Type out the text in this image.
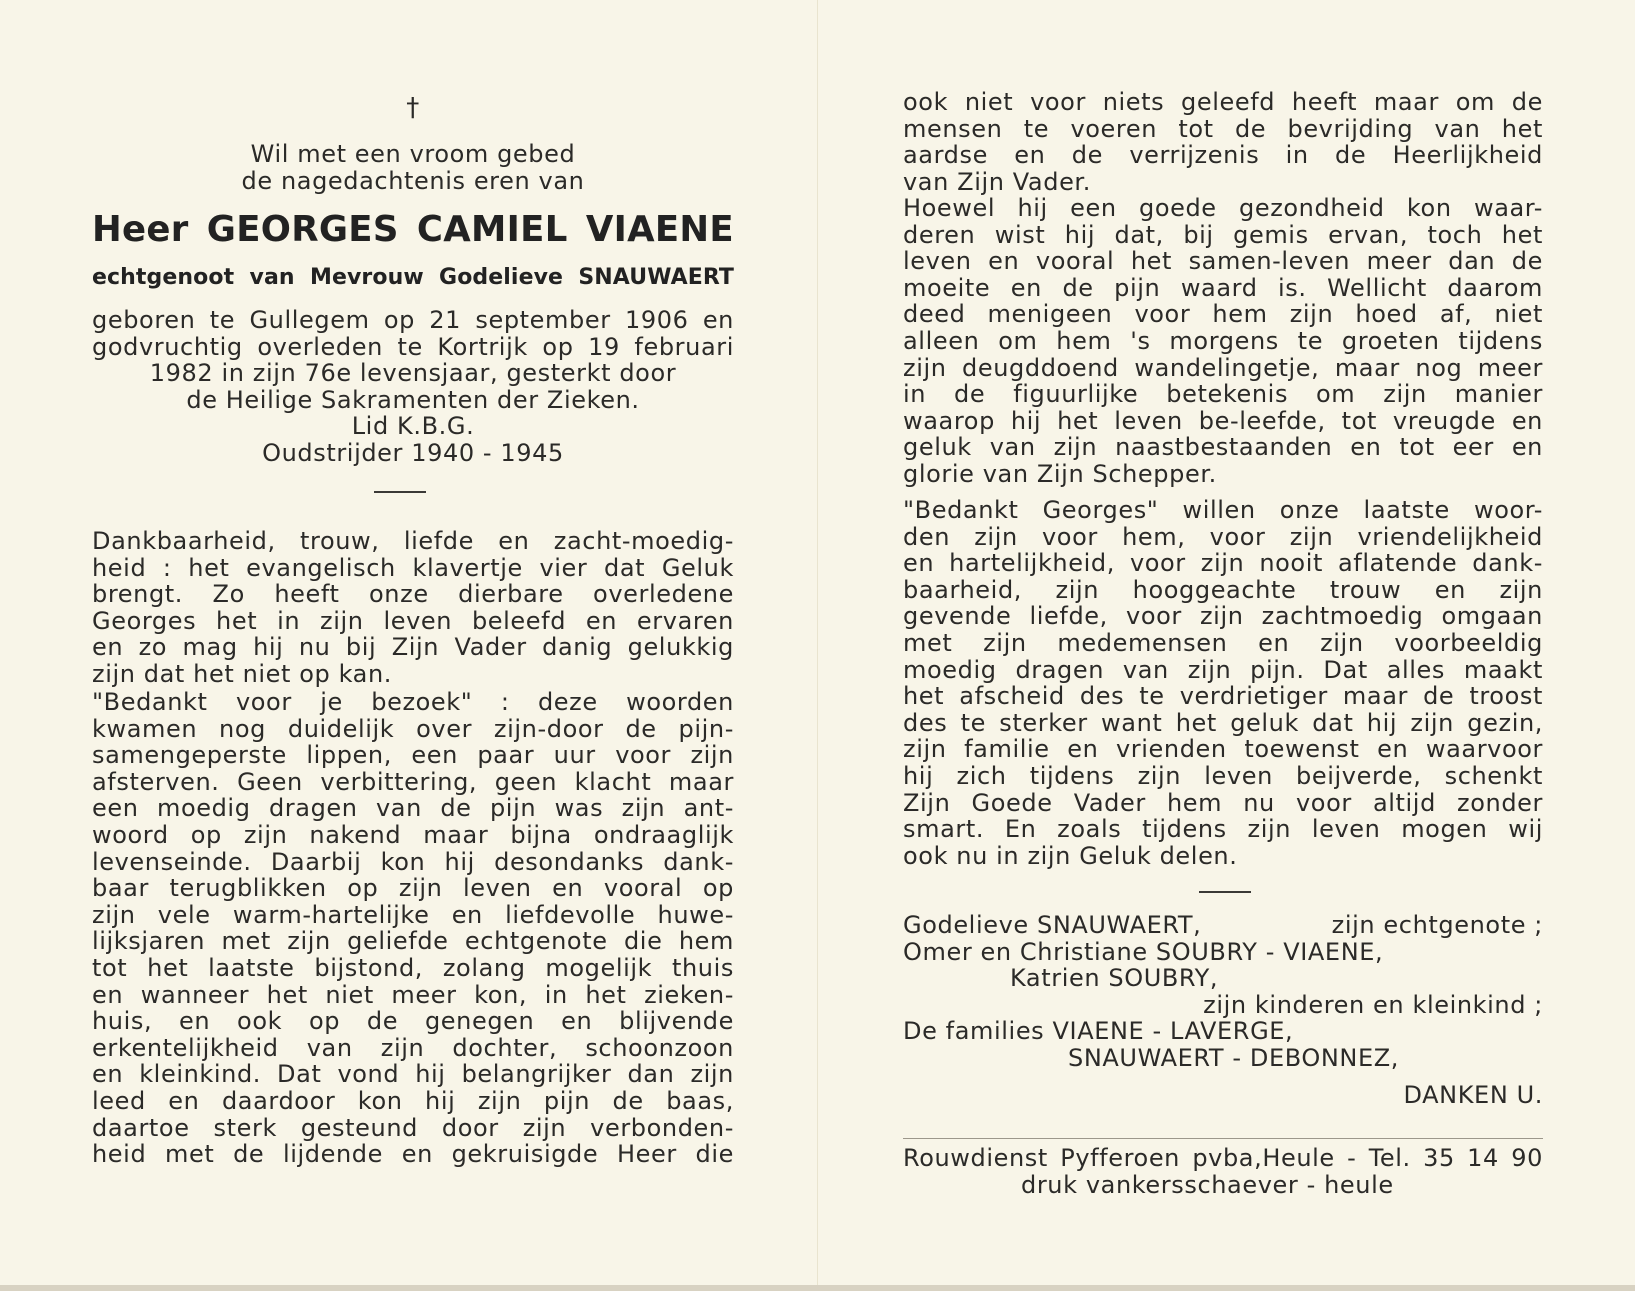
†
Wil met een vroom gebed
de nagedachtenis eren van
Heer GEORGES CAMIEL VIAENE
echtgenoot van Mevrouw Godelieve SNAUWAERT
geboren te Gullegem op 21 september 1906 en
godvruchtig overleden te Kortrijk op 19 februari
1982 in zijn 76e levensjaar, gesterkt door
de Heilige Sakramenten der Zieken.
Lid K.B.G.
Oudstrijder 1940 - 1945
Dankbaarheid, trouw, liefde en zacht-moedig-
heid : het evangelisch klavertje vier dat Geluk
brengt. Zo heeft onze dierbare overledene
Georges het in zijn leven beleefd en ervaren
en zo mag hij nu bij Zijn Vader danig gelukkig
zijn dat het niet op kan.
"Bedankt voor je bezoek" : deze woorden
kwamen nog duidelijk over zijn-door de pijn-
samengeperste lippen, een paar uur voor zijn
afsterven. Geen verbittering, geen klacht maar
een moedig dragen van de pijn was zijn ant-
woord op zijn nakend maar bijna ondraaglijk
levenseinde. Daarbij kon hij desondanks dank-
baar terugblikken op zijn leven en vooral op
zijn vele warm-hartelijke en liefdevolle huwe-
lijksjaren met zijn geliefde echtgenote die hem
tot het laatste bijstond, zolang mogelijk thuis
en wanneer het niet meer kon, in het zieken-
huis, en ook op de genegen en blijvende
erkentelijkheid van zijn dochter, schoonzoon
en kleinkind. Dat vond hij belangrijker dan zijn
leed en daardoor kon hij zijn pijn de baas,
daartoe sterk gesteund door zijn verbonden-
heid met de lijdende en gekruisigde Heer die
ook niet voor niets geleefd heeft maar om de
mensen te voeren tot de bevrijding van het
aardse en de verrijzenis in de Heerlijkheid
van Zijn Vader.
Hoewel hij een goede gezondheid kon waar-
deren wist hij dat, bij gemis ervan, toch het
leven en vooral het samen-leven meer dan de
moeite en de pijn waard is. Wellicht daarom
deed menigeen voor hem zijn hoed af, niet
alleen om hem 's morgens te groeten tijdens
zijn deugddoend wandelingetje, maar nog meer
in de figuurlijke betekenis om zijn manier
waarop hij het leven be-leefde, tot vreugde en
geluk van zijn naastbestaanden en tot eer en
glorie van Zijn Schepper.
"Bedankt Georges" willen onze laatste woor-
den zijn voor hem, voor zijn vriendelijkheid
en hartelijkheid, voor zijn nooit aflatende dank-
baarheid, zijn hooggeachte trouw en zijn
gevende liefde, voor zijn zachtmoedig omgaan
met zijn medemensen en zijn voorbeeldig
moedig dragen van zijn pijn. Dat alles maakt
het afscheid des te verdrietiger maar de troost
des te sterker want het geluk dat hij zijn gezin,
zijn familie en vrienden toewenst en waarvoor
hij zich tijdens zijn leven beijverde, schenkt
Zijn Goede Vader hem nu voor altijd zonder
smart. En zoals tijdens zijn leven mogen wij
ook nu in zijn Geluk delen.
Godelieve SNAUWAERT,	zijn echtgenote ;
Omer en Christiane SOUBRY - VIAENE,
Katrien SOUBRY,
zijn kinderen en kleinkind ;
De families VIAENE - LAVERGE,
SNAUWAERT - DEBONNEZ,
DANKEN U.
Rouwdienst Pyfferoen pvba,Heule - Tel. 35 14 90
druk vankersschaever - heule
